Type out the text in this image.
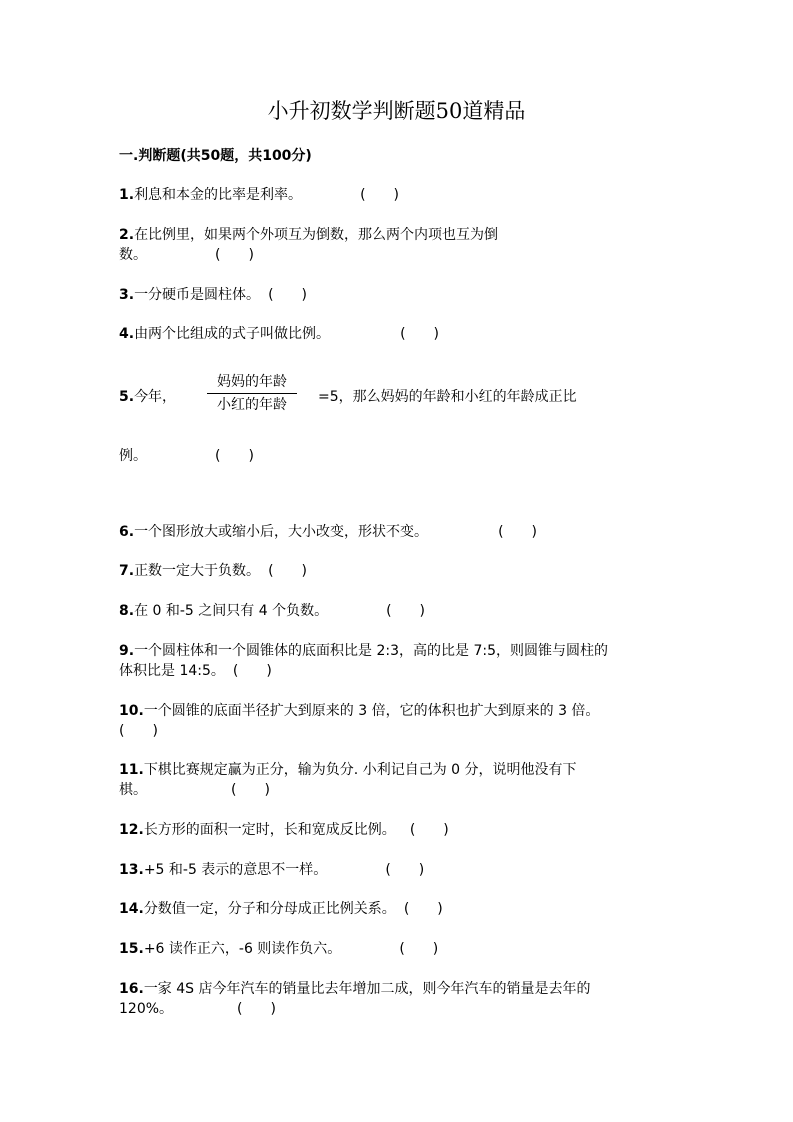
小升初数学判断题50道精品
一.判断题(共50题，共100分)
1.利息和本金的比率是利率。	(　　)
2.在比例里，如果两个外项互为倒数，那么两个内项也互为倒
数。	(　　)
3.一分硬币是圆柱体。 (　　)
4.由两个比组成的式子叫做比例。	(　　)
5.今年，
妈妈的年龄
小红的年龄	=5，那么妈妈的年龄和小红的年龄成正比
例。	(　　)
6.一个图形放大或缩小后，大小改变，形状不变。	(　　)
7.正数一定大于负数。 (　　)
8.在 0 和-5 之间只有 4 个负数。	(　　)
9.一个圆柱体和一个圆锥体的底面积比是 2:3，高的比是 7:5，则圆锥与圆柱的
体积比是 14:5。 (　　)
10.一个圆锥的底面半径扩大到原来的 3 倍，它的体积也扩大到原来的 3 倍。
(　　)
11.下棋比赛规定赢为正分，输为负分. 小利记自己为 0 分，说明他没有下
棋。	(　　)
12.长方形的面积一定时，长和宽成反比例。 (　　)
13.+5 和-5 表示的意思不一样。	(　　)
14.分数值一定，分子和分母成正比例关系。 (　　)
15.+6 读作正六，-6 则读作负六。	(　　)
16.一家 4S 店今年汽车的销量比去年增加二成，则今年汽车的销量是去年的
120%。	(　　)
